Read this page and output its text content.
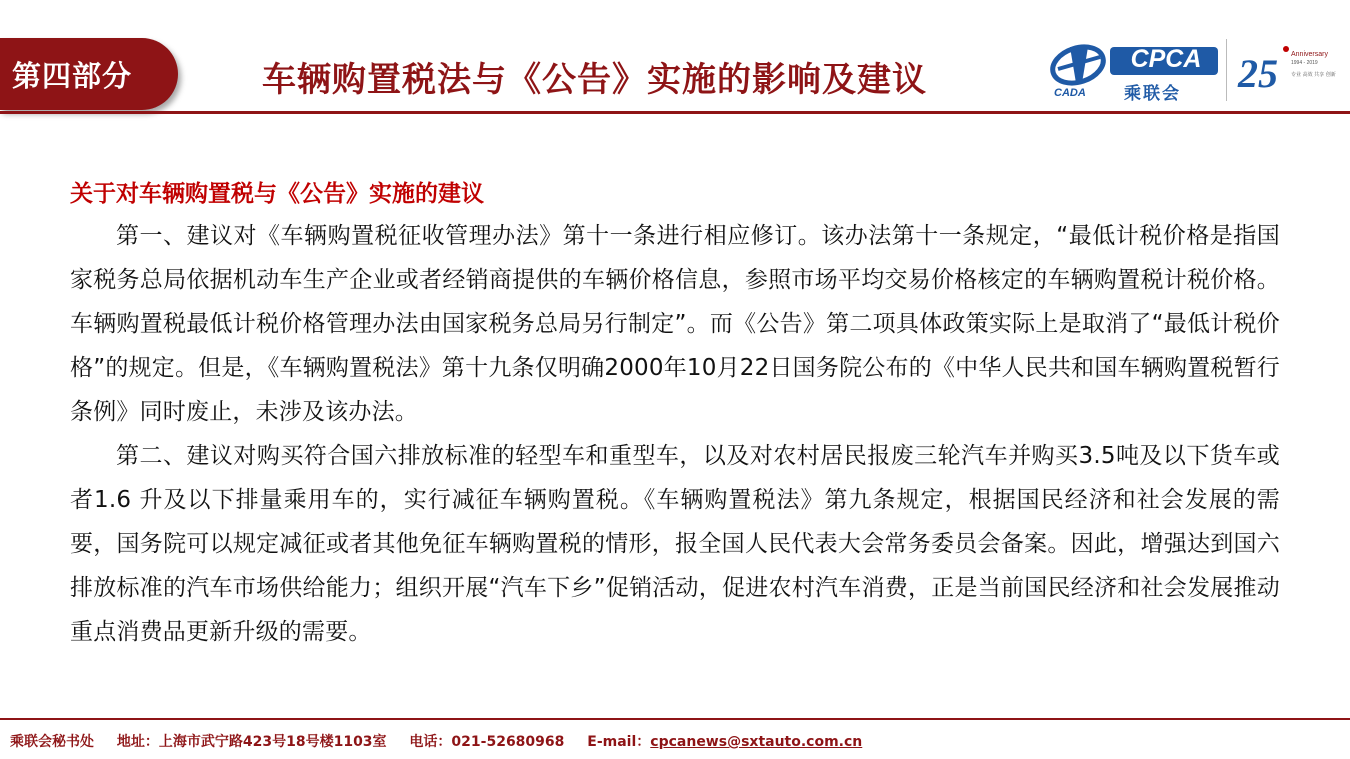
第四部分	车辆购置税法与《公告》实施的影响及建议	CADA
CPCA
乘联会 25 Anniversary
1994 - 2019
专业 高效 共享 创新

关于对车辆购置税与《公告》实施的建议

第一、建议对《车辆购置税征收管理办法》第十一条进行相应修订。该办法第十一条规定，“最低计税价格是指国家税务总局依据机动车生产企业或者经销商提供的车辆价格信息，参照市场平均交易价格核定的车辆购置税计税价格。车辆购置税最低计税价格管理办法由国家税务总局另行制定”。而《公告》第二项具体政策实际上是取消了“最低计税价格”的规定。但是，《车辆购置税法》第十九条仅明确2000年10月22日国务院公布的《中华人民共和国车辆购置税暂行条例》同时废止，未涉及该办法。

第二、建议对购买符合国六排放标准的轻型车和重型车，以及对农村居民报废三轮汽车并购买3.5吨及以下货车或者1.6 升及以下排量乘用车的，实行减征车辆购置税。《车辆购置税法》第九条规定，根据国民经济和社会发展的需要，国务院可以规定减征或者其他免征车辆购置税的情形，报全国人民代表大会常务委员会备案。因此，增强达到国六排放标准的汽车市场供给能力；组织开展“汽车下乡”促销活动，促进农村汽车消费，正是当前国民经济和社会发展推动重点消费品更新升级的需要。

乘联会秘书处 地址：上海市武宁路423号18号楼1103室 电话：021-52680968 E-mail：cpcanews@sxtauto.com.cn
